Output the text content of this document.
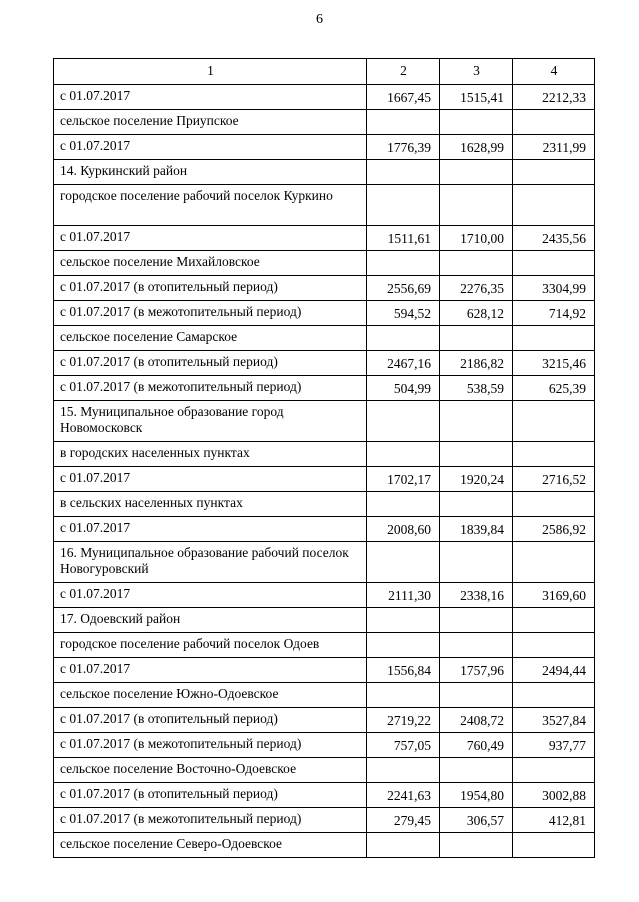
6
1	2	3	4
с 01.07.2017	1667,45	1515,41	2212,33
сельское поселение Приупское			
с 01.07.2017	1776,39	1628,99	2311,99
14. Куркинский район			
городское поселение рабочий поселок Куркино			
с 01.07.2017	1511,61	1710,00	2435,56
сельское поселение Михайловское			
с 01.07.2017 (в отопительный период)	2556,69	2276,35	3304,99
с 01.07.2017 (в межотопительный период)	594,52	628,12	714,92
сельское поселение Самарское			
с 01.07.2017 (в отопительный период)	2467,16	2186,82	3215,46
с 01.07.2017 (в межотопительный период)	504,99	538,59	625,39
15. Муниципальное образование город Новомосковск			
в городских населенных пунктах			
с 01.07.2017	1702,17	1920,24	2716,52
в сельских населенных пунктах			
с 01.07.2017	2008,60	1839,84	2586,92
16. Муниципальное образование рабочий поселок Новогуровский			
с 01.07.2017	2111,30	2338,16	3169,60
17. Одоевский район			
городское поселение рабочий поселок Одоев			
с 01.07.2017	1556,84	1757,96	2494,44
сельское поселение Южно-Одоевское			
с 01.07.2017 (в отопительный период)	2719,22	2408,72	3527,84
с 01.07.2017 (в межотопительный период)	757,05	760,49	937,77
сельское поселение Восточно-Одоевское			
с 01.07.2017 (в отопительный период)	2241,63	1954,80	3002,88
с 01.07.2017 (в межотопительный период)	279,45	306,57	412,81
сельское поселение Северо-Одоевское			
